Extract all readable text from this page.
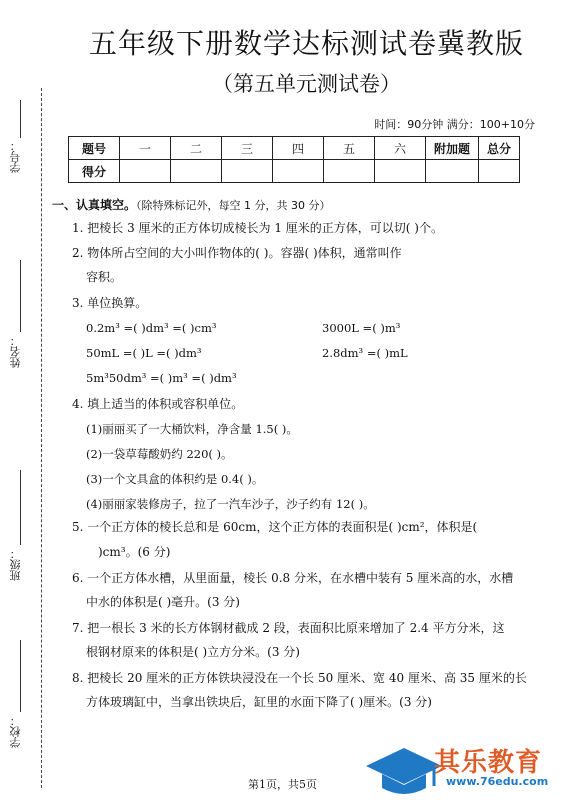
学号：
姓名：
班级：
学校：
五年级下册数学达标测试卷冀教版
（第五单元测试卷）
时间：90分钟 满分：100+10分
题号	一	二	三	四	五	六	附加题	总分
得分								
一、认真填空。（除特殊标记外，每空 1 分，共 30 分）
1. 把棱长 3 厘米的正方体切成棱长为 1 厘米的正方体，可以切( )个。
2. 物体所占空间的大小叫作物体的( )。容器( )体积，通常叫作
容积。
3. 单位换算。
0.2m³ =( )dm³ =( )cm³	3000L =( )m³
50mL =( )L =( )dm³	2.8dm³ =( )mL
5m³50dm³ =( )m³ =( )dm³
4. 填上适当的体积或容积单位。
(1)丽丽买了一大桶饮料，净含量 1.5( )。
(2)一袋草莓酸奶约 220( )。
(3)一个文具盒的体积约是 0.4( )。
(4)丽丽家装修房子，拉了一汽车沙子，沙子约有 12( )。
5. 一个正方体的棱长总和是 60cm，这个正方体的表面积是( )cm²，体积是(
)cm³。(6 分)
6. 一个正方体水槽，从里面量，棱长 0.8 分米，在水槽中装有 5 厘米高的水，水槽
中水的体积是( )毫升。(3 分)
7. 把一根长 3 米的长方体钢材截成 2 段，表面积比原来增加了 2.4 平方分米，这
根钢材原来的体积是( )立方分米。(3 分)
8. 把棱长 20 厘米的正方体铁块浸没在一个长 50 厘米、宽 40 厘米、高 35 厘米的长
方体玻璃缸中，当拿出铁块后，缸里的水面下降了( )厘米。(3 分)
其乐教育
www.76edu.com
第1页，共5页
